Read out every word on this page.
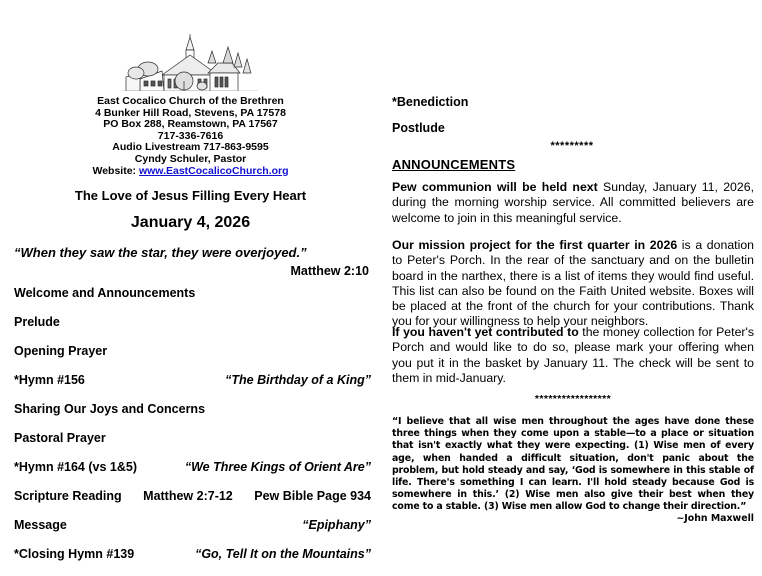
East Cocalico Church of the Brethren
4 Bunker Hill Road, Stevens, PA 17578
PO Box 288, Reamstown, PA 17567
717-336-7616
Audio Livestream 717-863-9595
Cyndy Schuler, Pastor
Website: www.EastCocalicoChurch.org
The Love of Jesus Filling Every Heart
January 4, 2026
“When they saw the star, they were overjoyed.”
Matthew 2:10
Welcome and Announcements
Prelude
Opening Prayer
*Hymn #156	“The Birthday of a King”
Sharing Our Joys and Concerns
Pastoral Prayer
*Hymn #164 (vs 1&5)	“We Three Kings of Orient Are”
Scripture Reading	Matthew 2:7-12	Pew Bible Page 934
Message	“Epiphany”
*Closing Hymn #139	“Go, Tell It on the Mountains”
*Benediction
Postlude
*********
ANNOUNCEMENTS
Pew communion will be held next Sunday, January 11, 2026, during the morning worship service. All committed believers are welcome to join in this meaningful service.
Our mission project for the first quarter in 2026 is a donation to Peter's Porch. In the rear of the sanctuary and on the bulletin board in the narthex, there is a list of items they would find useful. This list can also be found on the Faith United website. Boxes will be placed at the front of the church for your contributions. Thank you for your willingness to help your neighbors.
If you haven't yet contributed to the money collection for Peter's Porch and would like to do so, please mark your offering when you put it in the basket by January 11. The check will be sent to them in mid-January.
*****************
“I believe that all wise men throughout the ages have done these three things when they come upon a stable—to a place or situation that isn't exactly what they were expecting. (1) Wise men of every age, when handed a difficult situation, don't panic about the problem, but hold steady and say, ‘God is somewhere in this stable of life. There's something I can learn. I'll hold steady because God is somewhere in this.’ (2) Wise men also give their best when they come to a stable. (3) Wise men allow God to change their direction.”
~John Maxwell
